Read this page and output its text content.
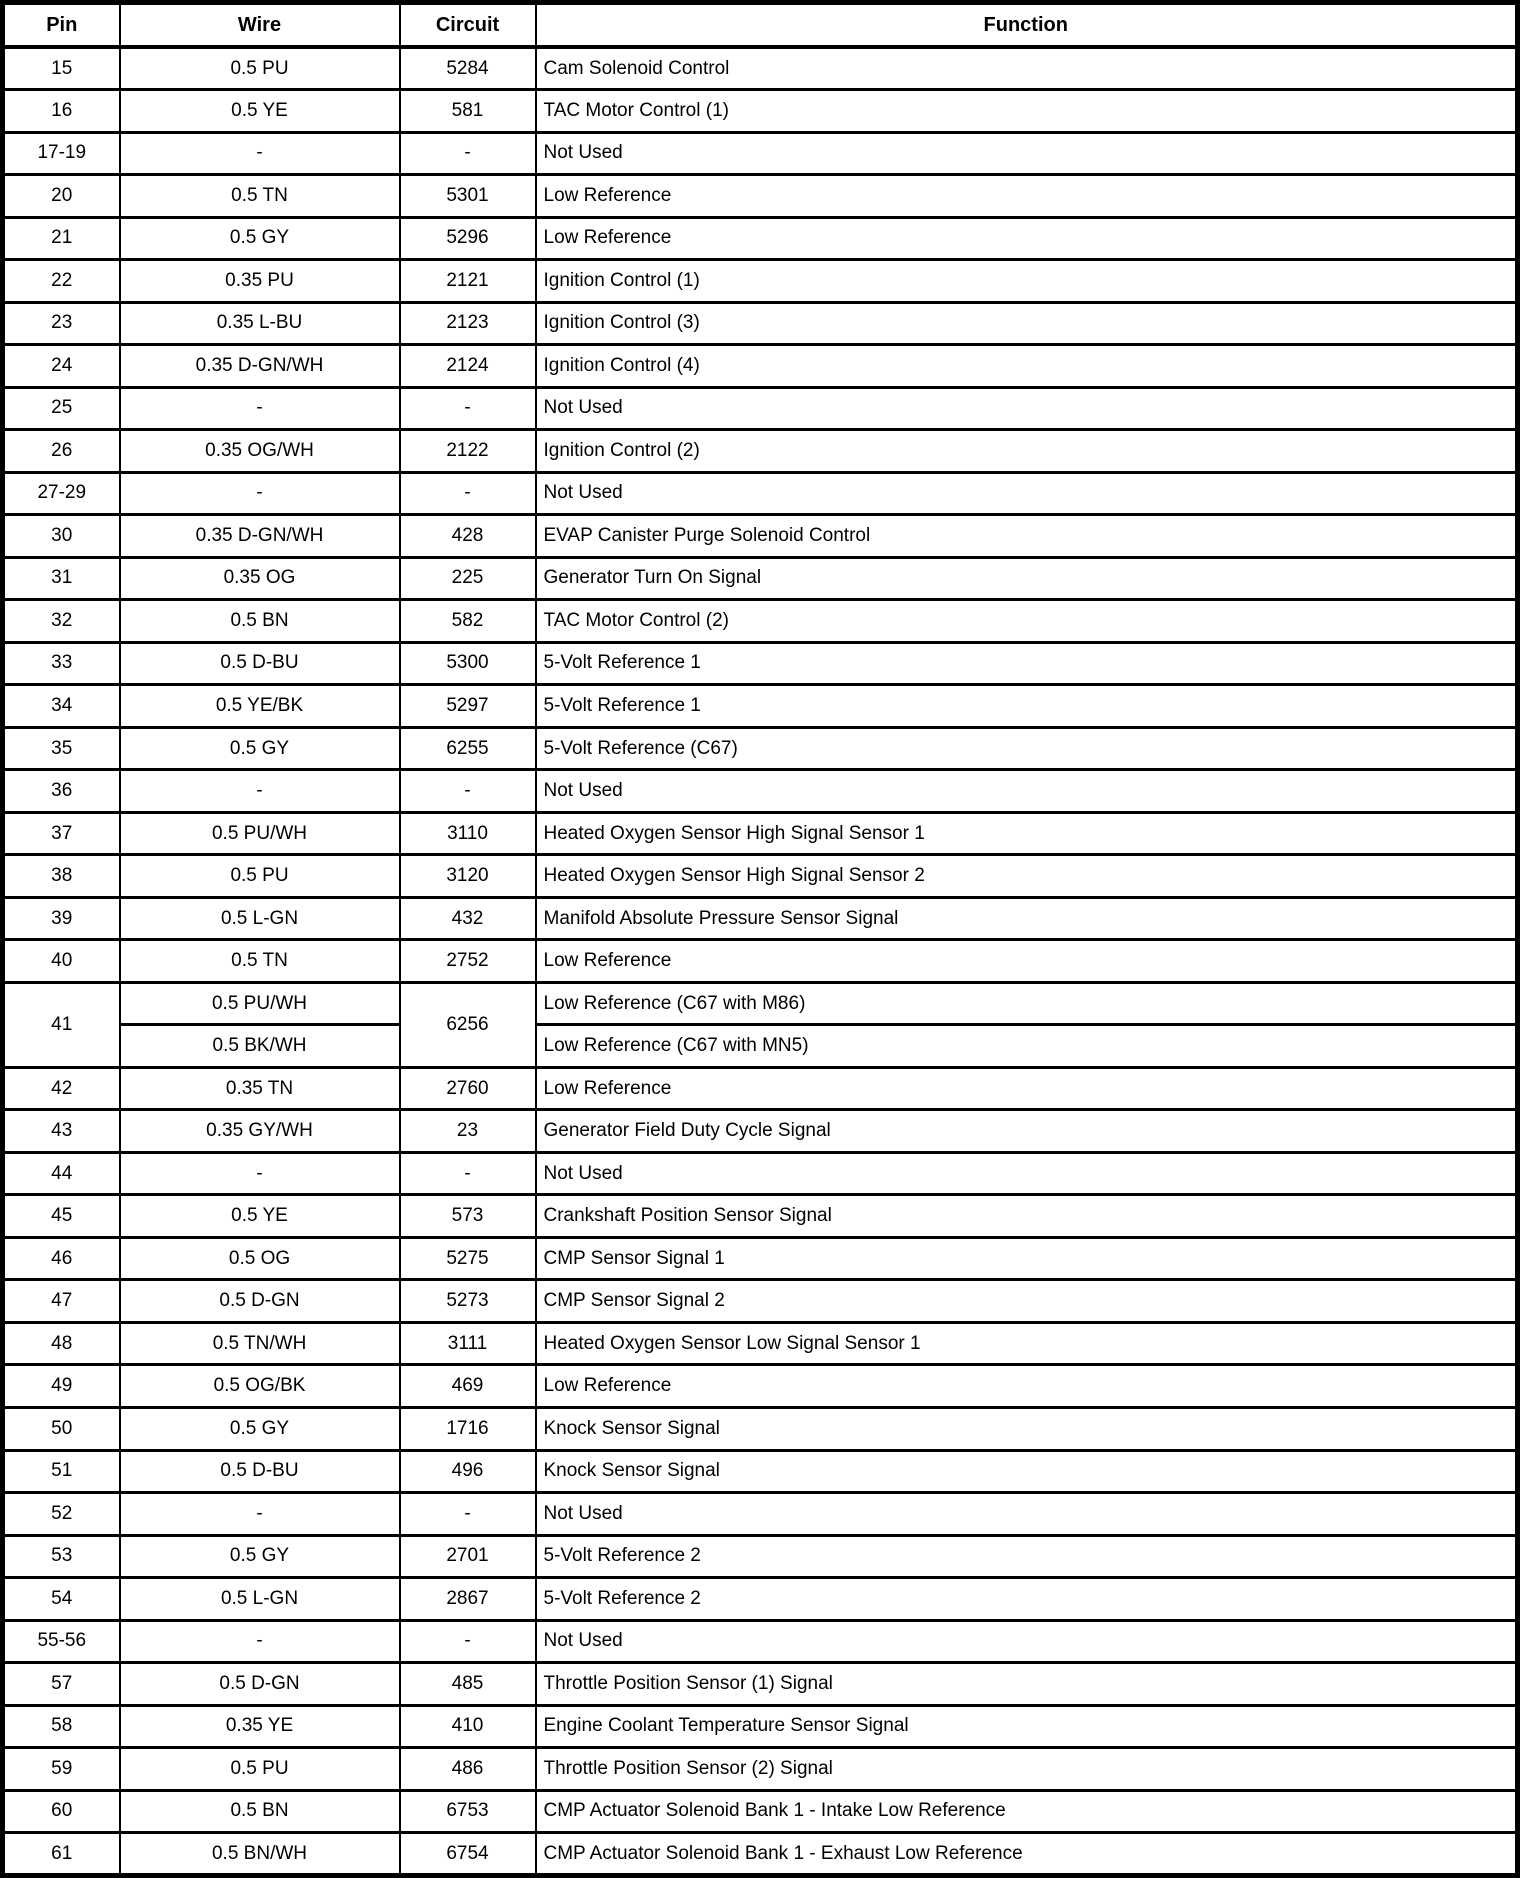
Pin	Wire	Circuit	Function
15	0.5 PU	5284	Cam Solenoid Control
16	0.5 YE	581	TAC Motor Control (1)
17-19	-	-	Not Used
20	0.5 TN	5301	Low Reference
21	0.5 GY	5296	Low Reference
22	0.35 PU	2121	Ignition Control (1)
23	0.35 L-BU	2123	Ignition Control (3)
24	0.35 D-GN/WH	2124	Ignition Control (4)
25	-	-	Not Used
26	0.35 OG/WH	2122	Ignition Control (2)
27-29	-	-	Not Used
30	0.35 D-GN/WH	428	EVAP Canister Purge Solenoid Control
31	0.35 OG	225	Generator Turn On Signal
32	0.5 BN	582	TAC Motor Control (2)
33	0.5 D-BU	5300	5-Volt Reference 1
34	0.5 YE/BK	5297	5-Volt Reference 1
35	0.5 GY	6255	5-Volt Reference (C67)
36	-	-	Not Used
37	0.5 PU/WH	3110	Heated Oxygen Sensor High Signal Sensor 1
38	0.5 PU	3120	Heated Oxygen Sensor High Signal Sensor 2
39	0.5 L-GN	432	Manifold Absolute Pressure Sensor Signal
40	0.5 TN	2752	Low Reference
41	0.5 PU/WH	6256	Low Reference (C67 with M86)
	0.5 BK/WH		Low Reference (C67 with MN5)
42	0.35 TN	2760	Low Reference
43	0.35 GY/WH	23	Generator Field Duty Cycle Signal
44	-	-	Not Used
45	0.5 YE	573	Crankshaft Position Sensor Signal
46	0.5 OG	5275	CMP Sensor Signal 1
47	0.5 D-GN	5273	CMP Sensor Signal 2
48	0.5 TN/WH	3111	Heated Oxygen Sensor Low Signal Sensor 1
49	0.5 OG/BK	469	Low Reference
50	0.5 GY	1716	Knock Sensor Signal
51	0.5 D-BU	496	Knock Sensor Signal
52	-	-	Not Used
53	0.5 GY	2701	5-Volt Reference 2
54	0.5 L-GN	2867	5-Volt Reference 2
55-56	-	-	Not Used
57	0.5 D-GN	485	Throttle Position Sensor (1) Signal
58	0.35 YE	410	Engine Coolant Temperature Sensor Signal
59	0.5 PU	486	Throttle Position Sensor (2) Signal
60	0.5 BN	6753	CMP Actuator Solenoid Bank 1 - Intake Low Reference
61	0.5 BN/WH	6754	CMP Actuator Solenoid Bank 1 - Exhaust Low Reference
